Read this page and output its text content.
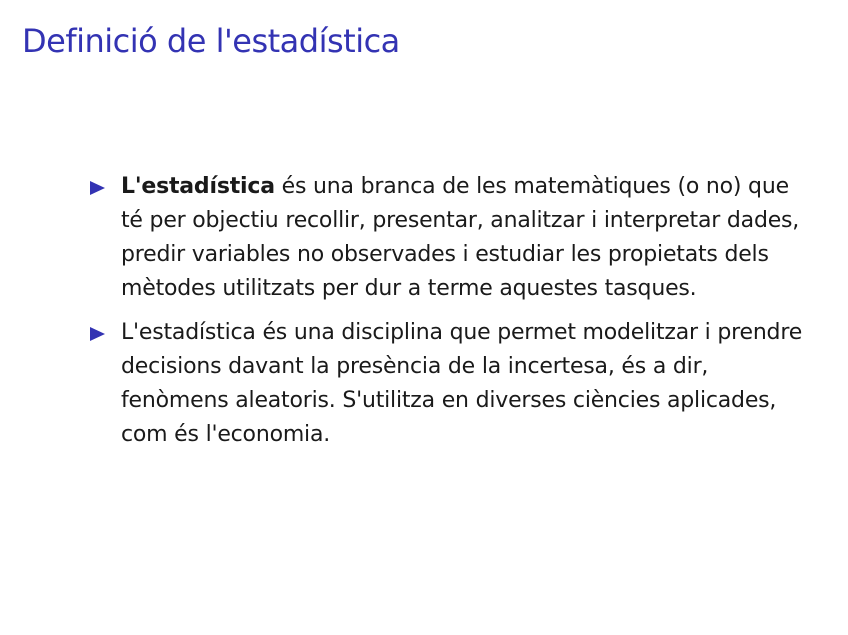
Definició de l'estadística
L'estadística és una branca de les matemàtiques (o no) que té per objectiu recollir, presentar, analitzar i interpretar dades, predir variables no observades i estudiar les propietats dels mètodes utilitzats per dur a terme aquestes tasques.
L'estadística és una disciplina que permet modelitzar i prendre decisions davant la presència de la incertesa, és a dir, fenòmens aleatoris. S'utilitza en diverses ciències aplicades, com és l'economia.
